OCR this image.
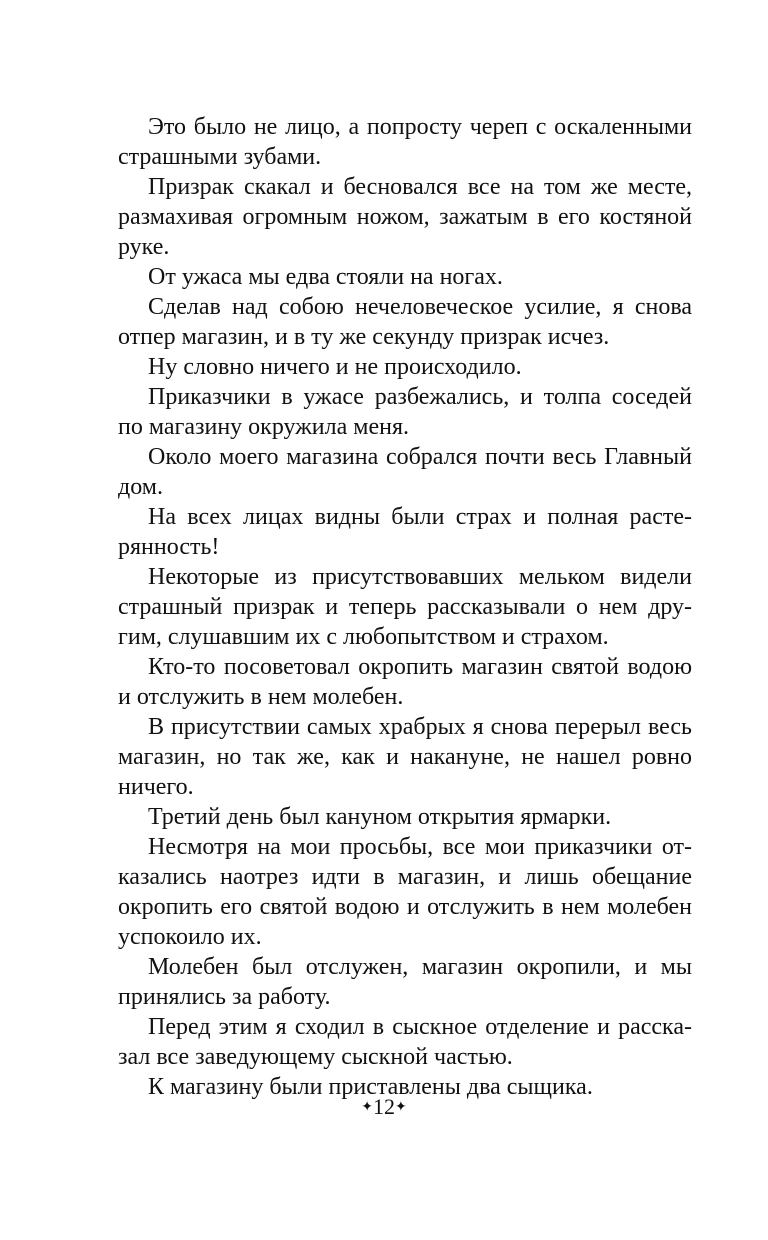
Это было не лицо, а попросту череп с оскаленными страшными зубами.

Призрак скакал и бесновался все на том же месте, размахивая огромным ножом, зажатым в его костяной руке.

От ужаса мы едва стояли на ногах.

Сделав над собою нечеловеческое усилие, я снова отпер магазин, и в ту же секунду призрак исчез.

Ну словно ничего и не происходило.

Приказчики в ужасе разбежались, и толпа соседей по магазину окружила меня.

Около моего магазина собрался почти весь Главный дом.

На всех лицах видны были страх и полная растерянность!

Некоторые из присутствовавших мельком видели страшный призрак и теперь рассказывали о нем другим, слушавшим их с любопытством и страхом.

Кто-то посоветовал окропить магазин святой водою и отслужить в нем молебен.

В присутствии самых храбрых я снова перерыл весь магазин, но так же, как и накануне, не нашел ровно ничего.

Третий день был кануном открытия ярмарки.

Несмотря на мои просьбы, все мои приказчики отказались наотрез идти в магазин, и лишь обещание окропить его святой водою и отслужить в нем молебен успокоило их.

Молебен был отслужен, магазин окропили, и мы принялись за работу.

Перед этим я сходил в сыскное отделение и рассказал все заведующему сыскной частью.

К магазину были приставлены два сыщика.

✦12✦
